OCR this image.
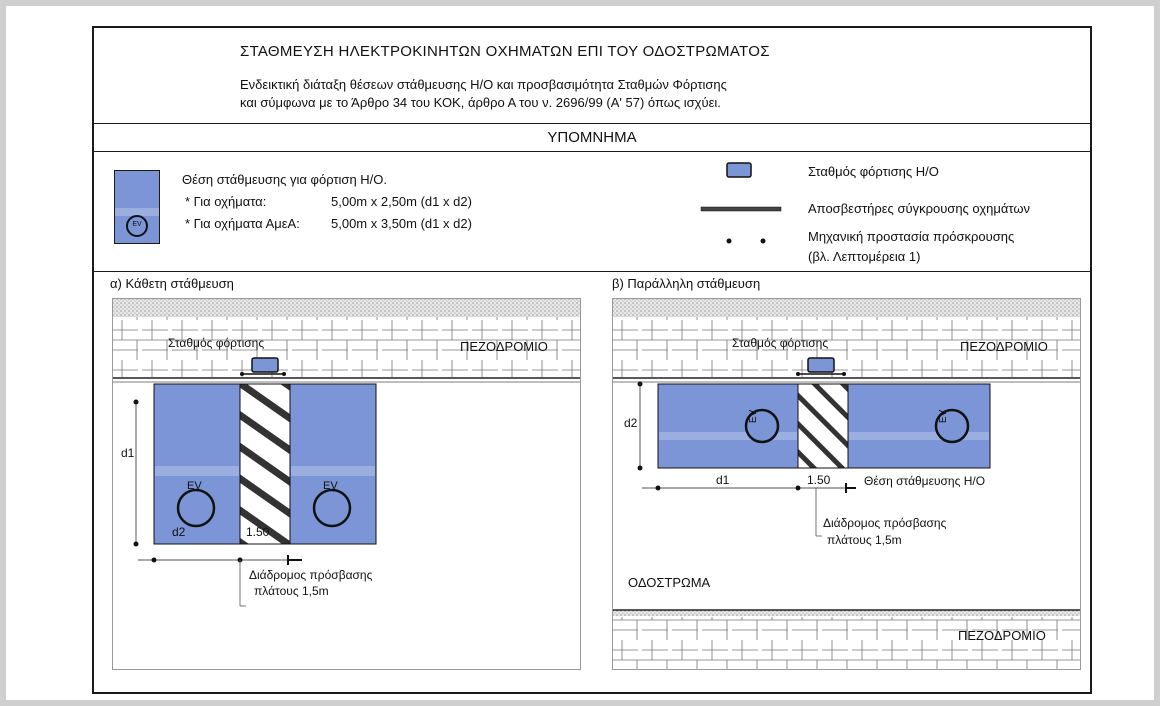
ΣΤΑΘΜΕΥΣΗ ΗΛΕΚΤΡΟΚΙΝΗΤΩΝ ΟΧΗΜΑΤΩΝ ΕΠΙ ΤΟΥ ΟΔΟΣΤΡΩΜΑΤΟΣ
Ενδεικτική διάταξη θέσεων στάθμευσης Η/Ο και προσβασιμότητα Σταθμών Φόρτισης
και σύμφωνα με το Άρθρο 34 του ΚΟΚ, άρθρο Α του ν. 2696/99 (Α' 57) όπως ισχύει.
ΥΠΟΜΝΗΜΑ
EV
Θέση στάθμευσης για φόρτιση Η/Ο.
* Για οχήματα:	5,00m x 2,50m (d1 x d2)
* Για οχήματα ΑμεΑ: 5,00m x 3,50m (d1 x d2)
Σταθμός φόρτισης Η/Ο
Αποσβεστήρες σύγκρουσης οχημάτων
Μηχανική προστασία πρόσκρουσης
(βλ. Λεπτομέρεια 1)
α) Κάθετη στάθμευση	β) Παράλληλη στάθμευση
Σταθμός φόρτισης	ΠΕΖΟΔΡΟΜΙΟ
EV	EV
d1
d2	1.50
Διάδρομος πρόσβασης
πλάτους 1,5m
Σταθμός φόρτισης	ΠΕΖΟΔΡΟΜΙΟ
ΠΕΖΟΔΡΟΜΙΟ
EV	EV
d2
d1	1.50	Θέση στάθμευσης Η/Ο
Διάδρομος πρόσβασης
πλάτους 1,5m
ΟΔΟΣΤΡΩΜΑ
